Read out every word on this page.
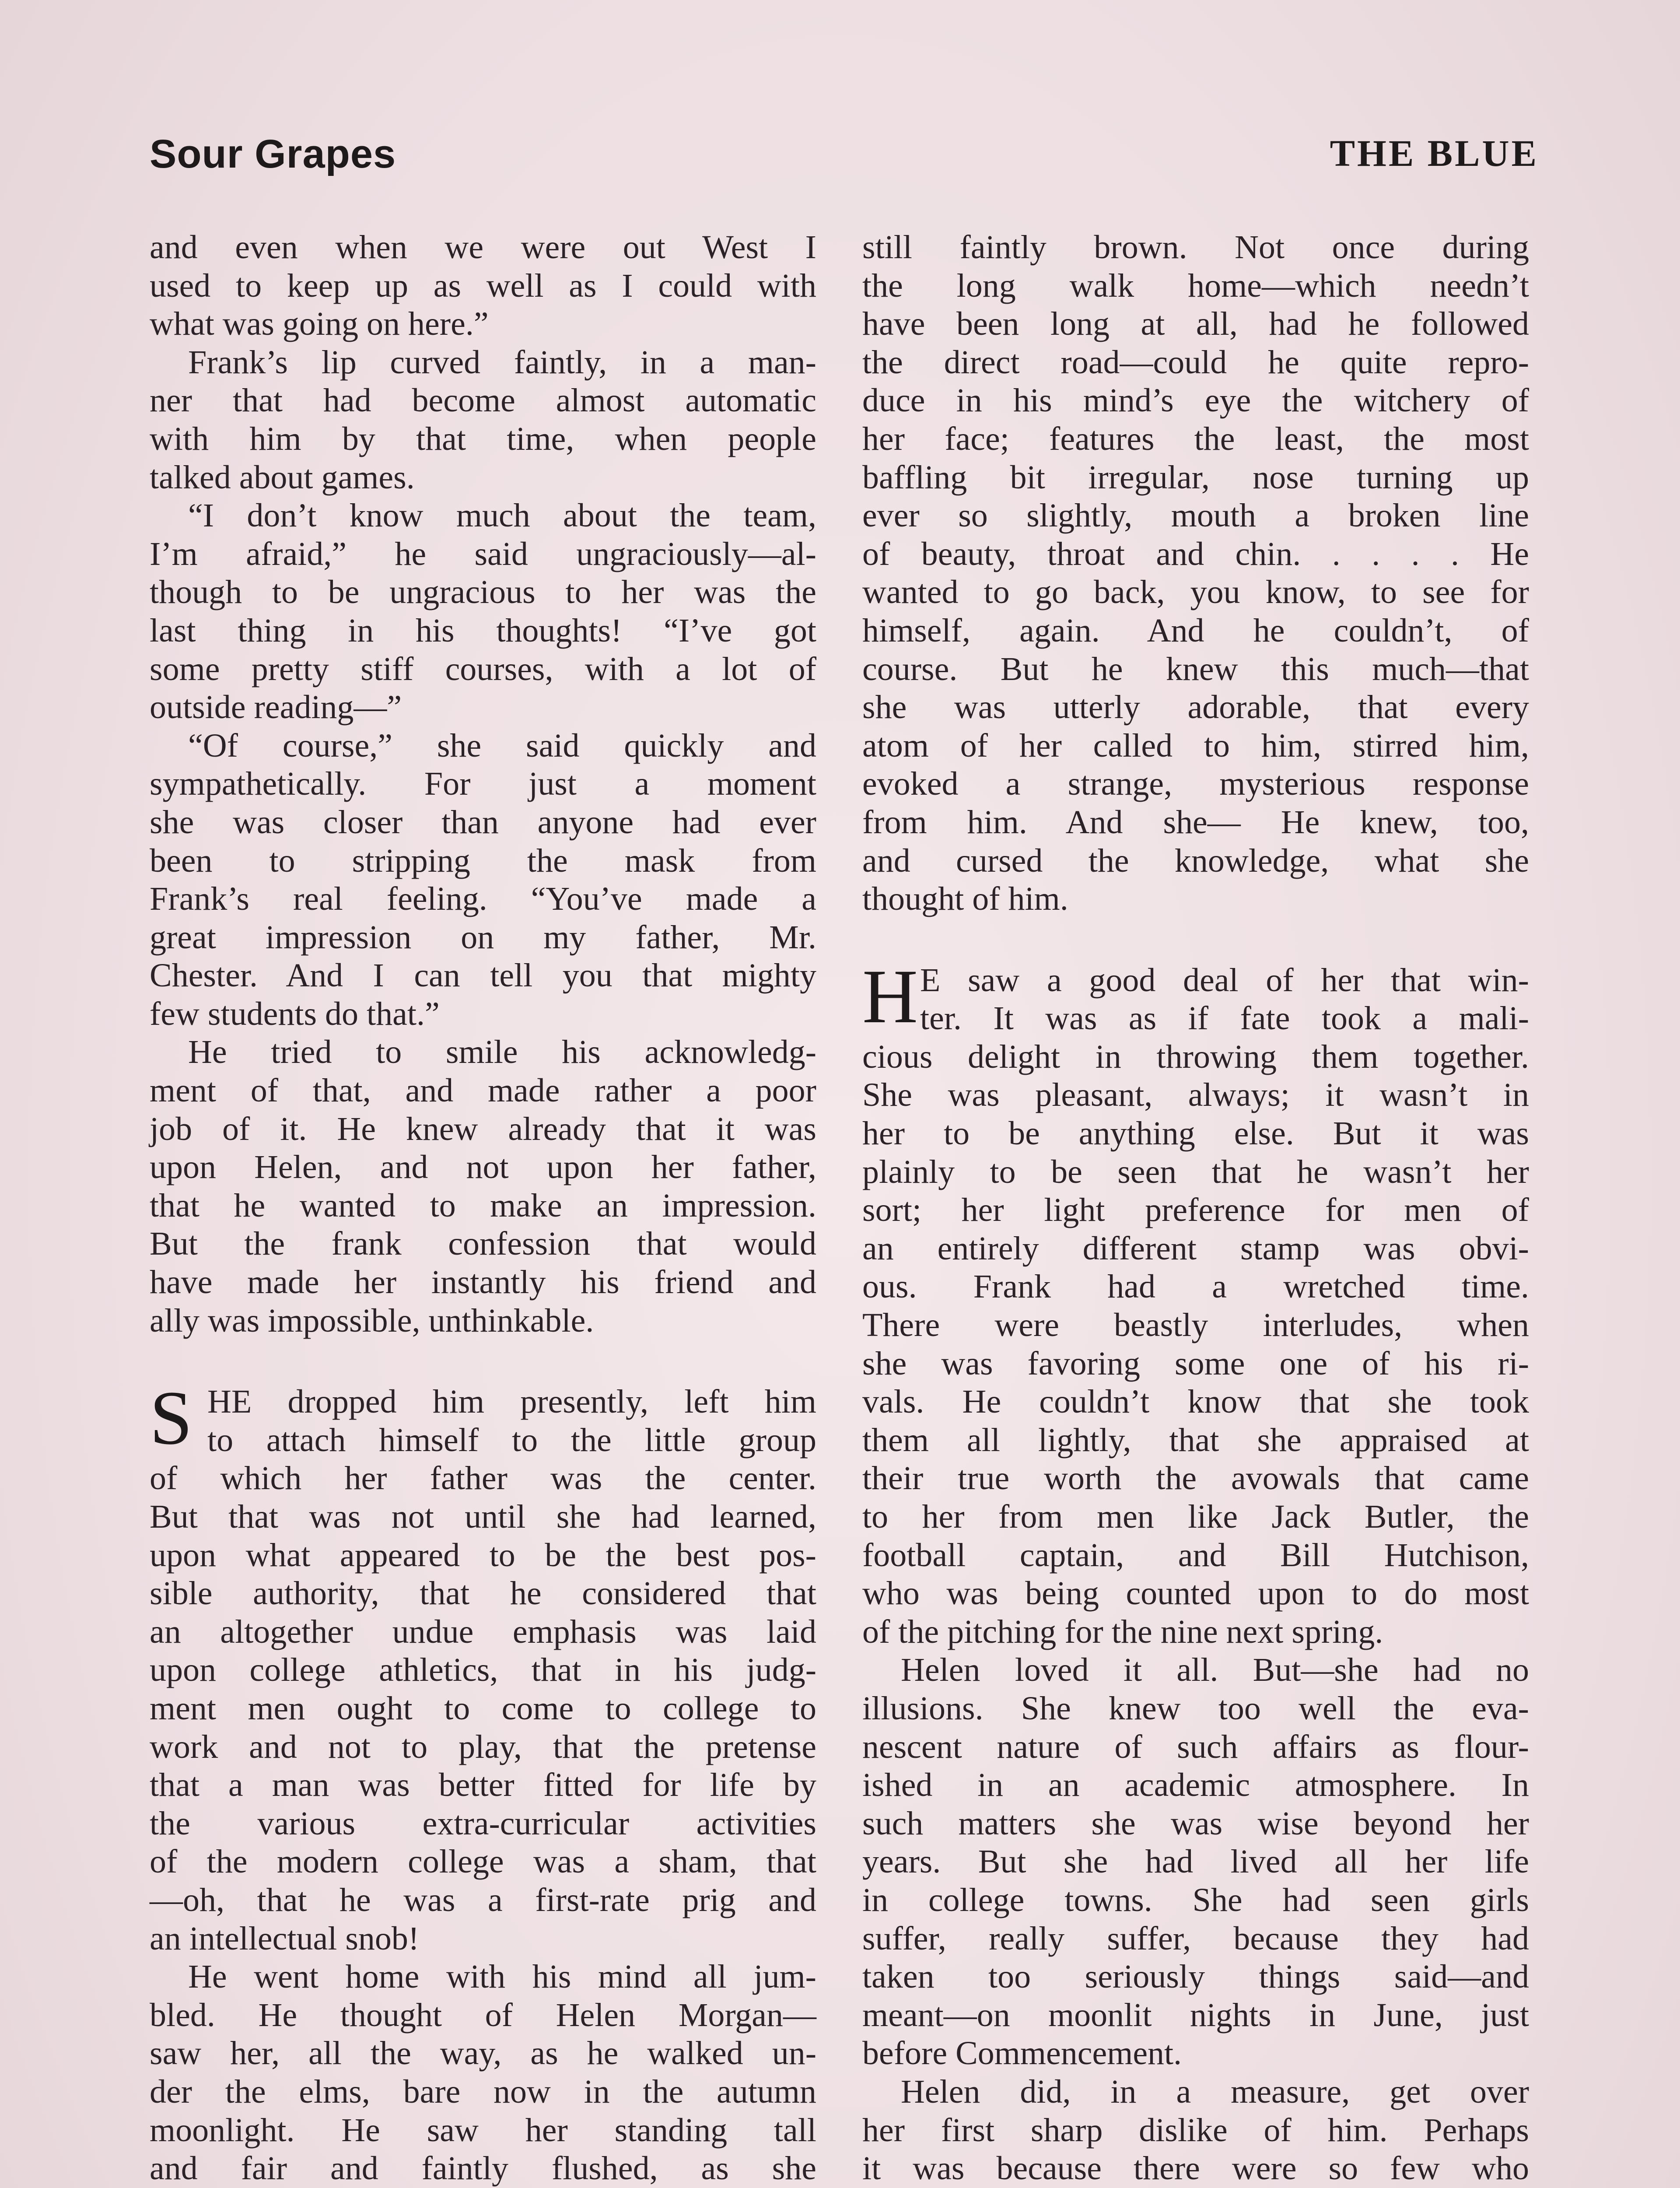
Sour Grapes	THE BLUE
and even when we were out West I
used to keep up as well as I could with
what was going on here.”
Frank’s lip curved faintly, in a man-
ner that had become almost automatic
with him by that time, when people
talked about games.
“I don’t know much about the team,
I’m afraid,” he said ungraciously—al-
though to be ungracious to her was the
last thing in his thoughts! “I’ve got
some pretty stiff courses, with a lot of
outside reading—”
“Of course,” she said quickly and
sympathetically. For just a moment
she was closer than anyone had ever
been to stripping the mask from
Frank’s real feeling. “You’ve made a
great impression on my father, Mr.
Chester. And I can tell you that mighty
few students do that.”
He tried to smile his acknowledg-
ment of that, and made rather a poor
job of it. He knew already that it was
upon Helen, and not upon her father,
that he wanted to make an impression.
But the frank confession that would
have made her instantly his friend and
ally was impossible, unthinkable.
S HE dropped him presently, left him
to attach himself to the little group
of which her father was the center.
But that was not until she had learned,
upon what appeared to be the best pos-
sible authority, that he considered that
an altogether undue emphasis was laid
upon college athletics, that in his judg-
ment men ought to come to college to
work and not to play, that the pretense
that a man was better fitted for life by
the various extra-curricular activities
of the modern college was a sham, that
—oh, that he was a first-rate prig and
an intellectual snob!
He went home with his mind all jum-
bled. He thought of Helen Morgan—
saw her, all the way, as he walked un-
der the elms, bare now in the autumn
moonlight. He saw her standing tall
and fair and faintly flushed, as she
still faintly brown. Not once during
the long walk home—which needn’t
have been long at all, had he followed
the direct road—could he quite repro-
duce in his mind’s eye the witchery of
her face; features the least, the most
baffling bit irregular, nose turning up
ever so slightly, mouth a broken line
of beauty, throat and chin. . . . . He
wanted to go back, you know, to see for
himself, again. And he couldn’t, of
course. But he knew this much—that
she was utterly adorable, that every
atom of her called to him, stirred him,
evoked a strange, mysterious response
from him. And she— He knew, too,
and cursed the knowledge, what she
thought of him.
H E saw a good deal of her that win-
ter. It was as if fate took a mali-
cious delight in throwing them together.
She was pleasant, always; it wasn’t in
her to be anything else. But it was
plainly to be seen that he wasn’t her
sort; her light preference for men of
an entirely different stamp was obvi-
ous. Frank had a wretched time.
There were beastly interludes, when
she was favoring some one of his ri-
vals. He couldn’t know that she took
them all lightly, that she appraised at
their true worth the avowals that came
to her from men like Jack Butler, the
football captain, and Bill Hutchison,
who was being counted upon to do most
of the pitching for the nine next spring.
Helen loved it all. But—she had no
illusions. She knew too well the eva-
nescent nature of such affairs as flour-
ished in an academic atmosphere. In
such matters she was wise beyond her
years. But she had lived all her life
in college towns. She had seen girls
suffer, really suffer, because they had
taken too seriously things said—and
meant—on moonlit nights in June, just
before Commencement.
Helen did, in a measure, get over
her first sharp dislike of him. Perhaps
it was because there were so few who
